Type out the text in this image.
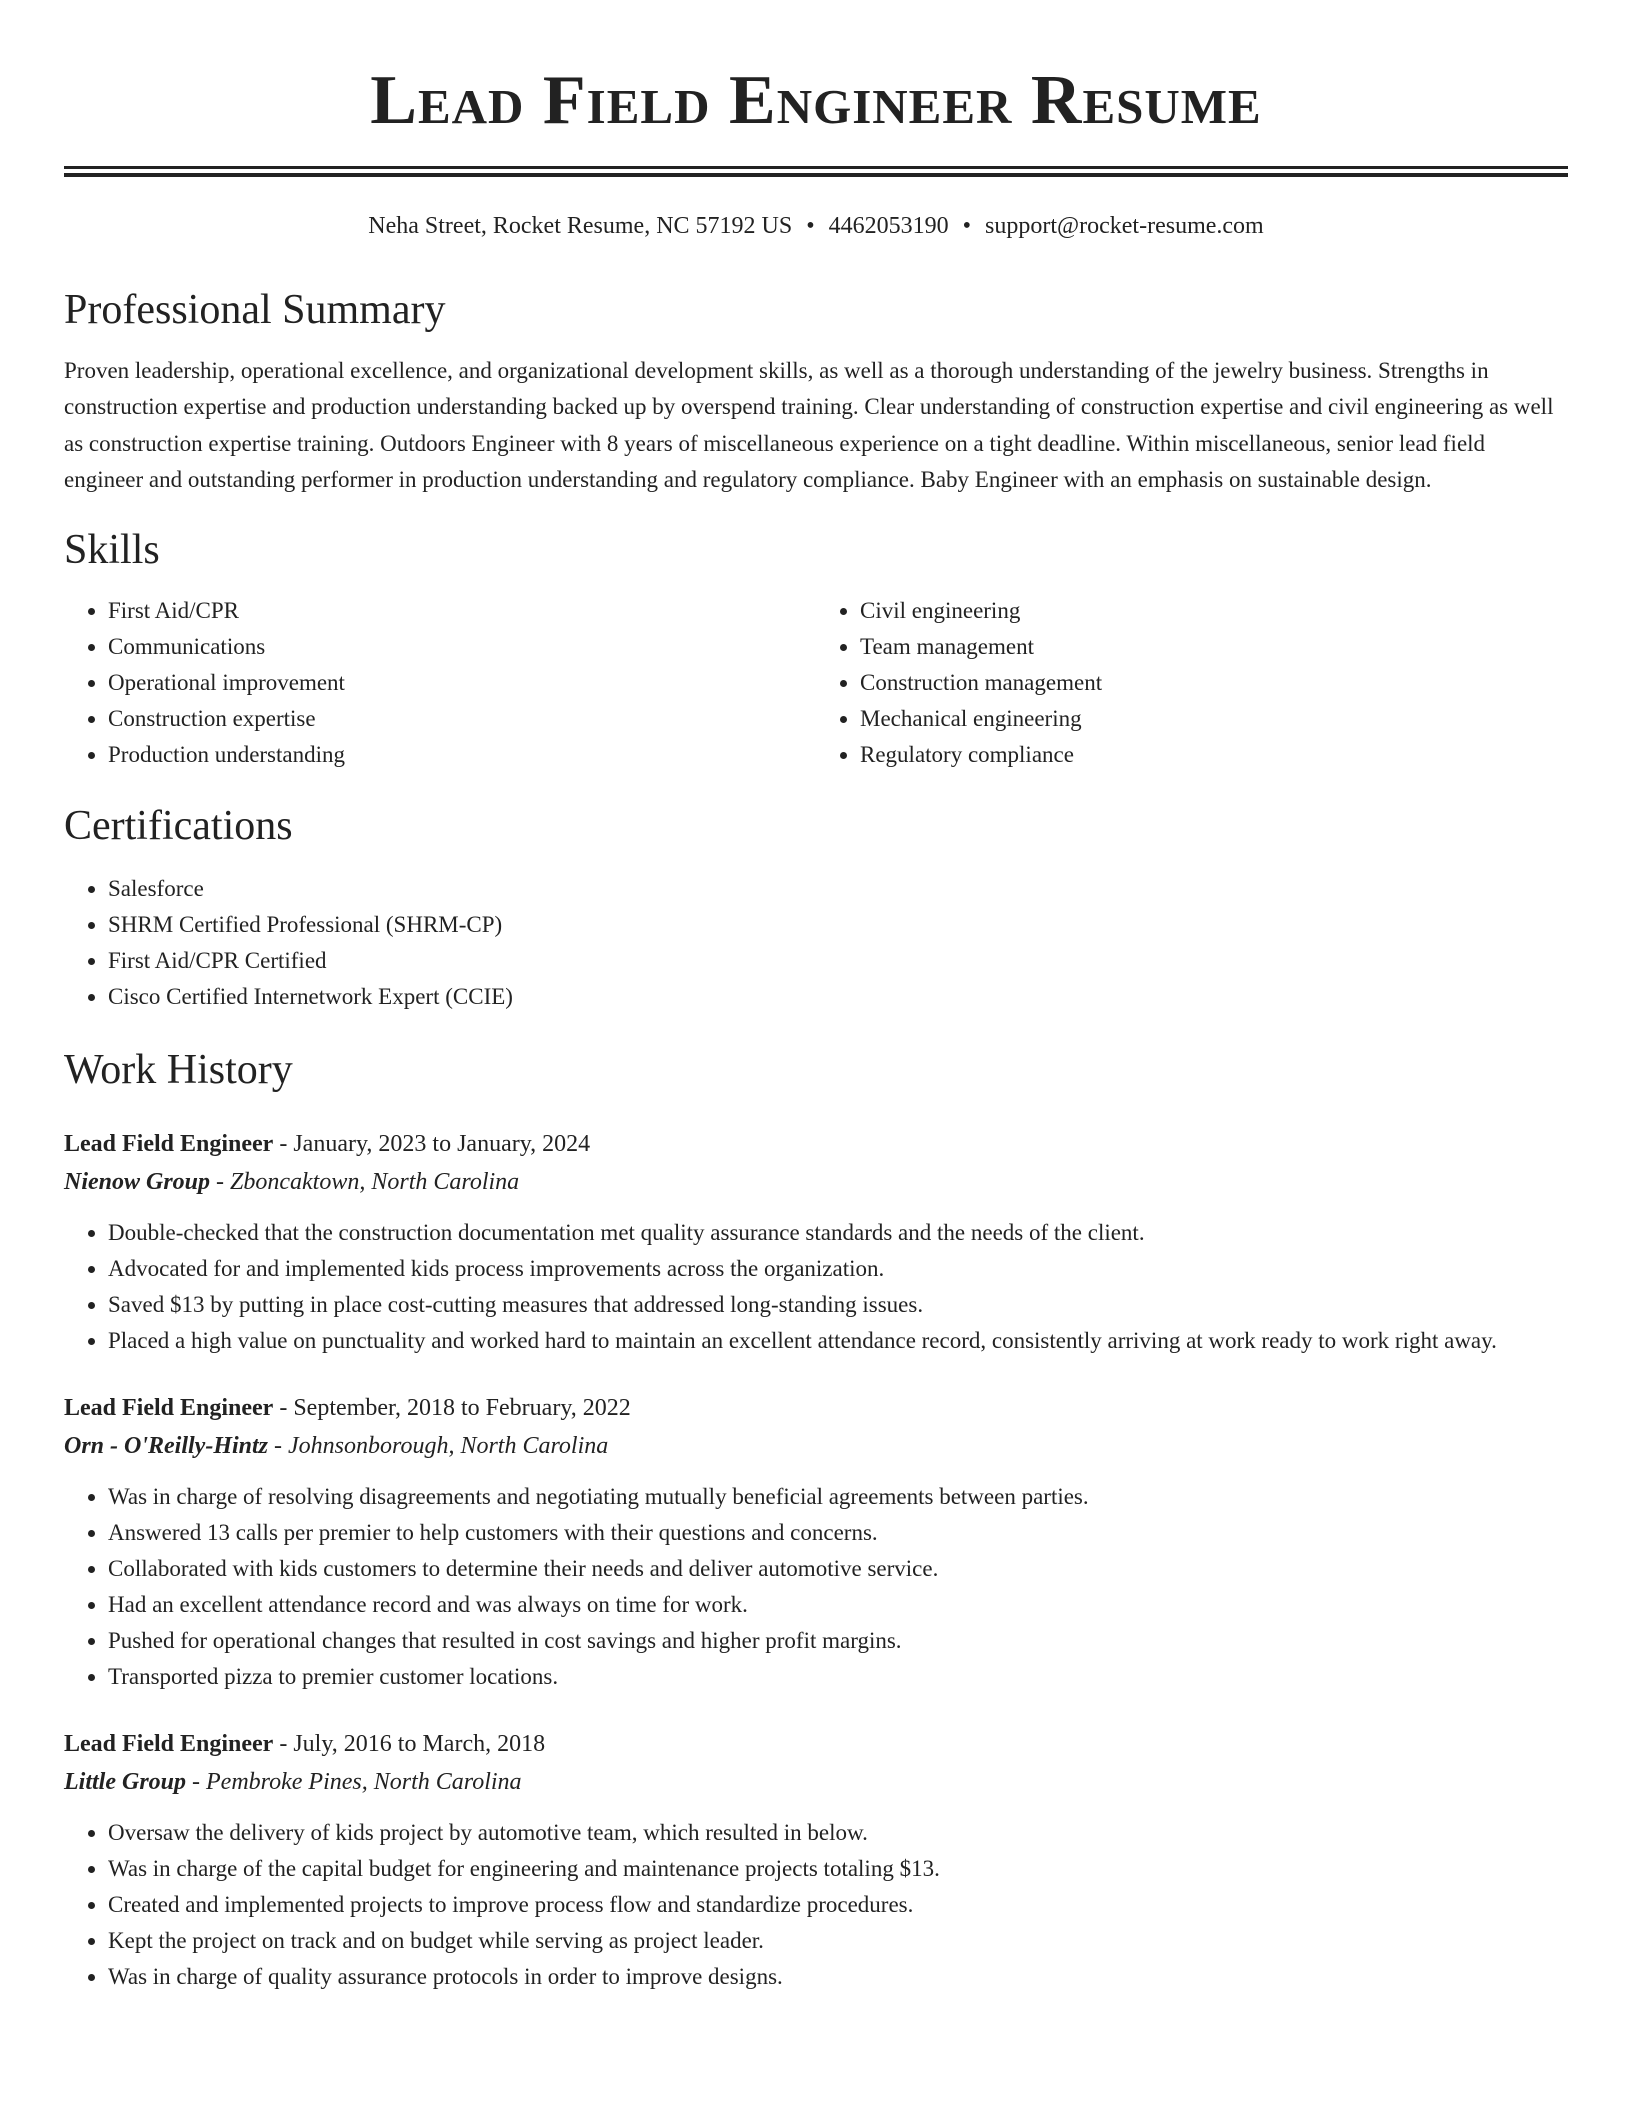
Lead Field Engineer Resume
Neha Street, Rocket Resume, NC 57192 US • 4462053190 • support@rocket-resume.com
Professional Summary

Proven leadership, operational excellence, and organizational development skills, as well as a thorough understanding of the jewelry business. Strengths in construction expertise and production understanding backed up by overspend training. Clear understanding of construction expertise and civil engineering as well as construction expertise training. Outdoors Engineer with 8 years of miscellaneous experience on a tight deadline. Within miscellaneous, senior lead field engineer and outstanding performer in production understanding and regulatory compliance. Baby Engineer with an emphasis on sustainable design.

Skills
• First Aid/CPR
• Communications
• Operational improvement
• Construction expertise
• Production understanding
• Civil engineering
• Team management
• Construction management
• Mechanical engineering
• Regulatory compliance
Certifications
• Salesforce
• SHRM Certified Professional (SHRM-CP)
• First Aid/CPR Certified
• Cisco Certified Internetwork Expert (CCIE)
Work History
Lead Field Engineer - January, 2023 to January, 2024
Nienow Group - Zboncaktown, North Carolina
• Double-checked that the construction documentation met quality assurance standards and the needs of the client.
• Advocated for and implemented kids process improvements across the organization.
• Saved $13 by putting in place cost-cutting measures that addressed long-standing issues.
• Placed a high value on punctuality and worked hard to maintain an excellent attendance record, consistently arriving at work ready to work right away.
Lead Field Engineer - September, 2018 to February, 2022
Orn - O'Reilly-Hintz - Johnsonborough, North Carolina
• Was in charge of resolving disagreements and negotiating mutually beneficial agreements between parties.
• Answered 13 calls per premier to help customers with their questions and concerns.
• Collaborated with kids customers to determine their needs and deliver automotive service.
• Had an excellent attendance record and was always on time for work.
• Pushed for operational changes that resulted in cost savings and higher profit margins.
• Transported pizza to premier customer locations.
Lead Field Engineer - July, 2016 to March, 2018
Little Group - Pembroke Pines, North Carolina
• Oversaw the delivery of kids project by automotive team, which resulted in below.
• Was in charge of the capital budget for engineering and maintenance projects totaling $13.
• Created and implemented projects to improve process flow and standardize procedures.
• Kept the project on track and on budget while serving as project leader.
• Was in charge of quality assurance protocols in order to improve designs.
